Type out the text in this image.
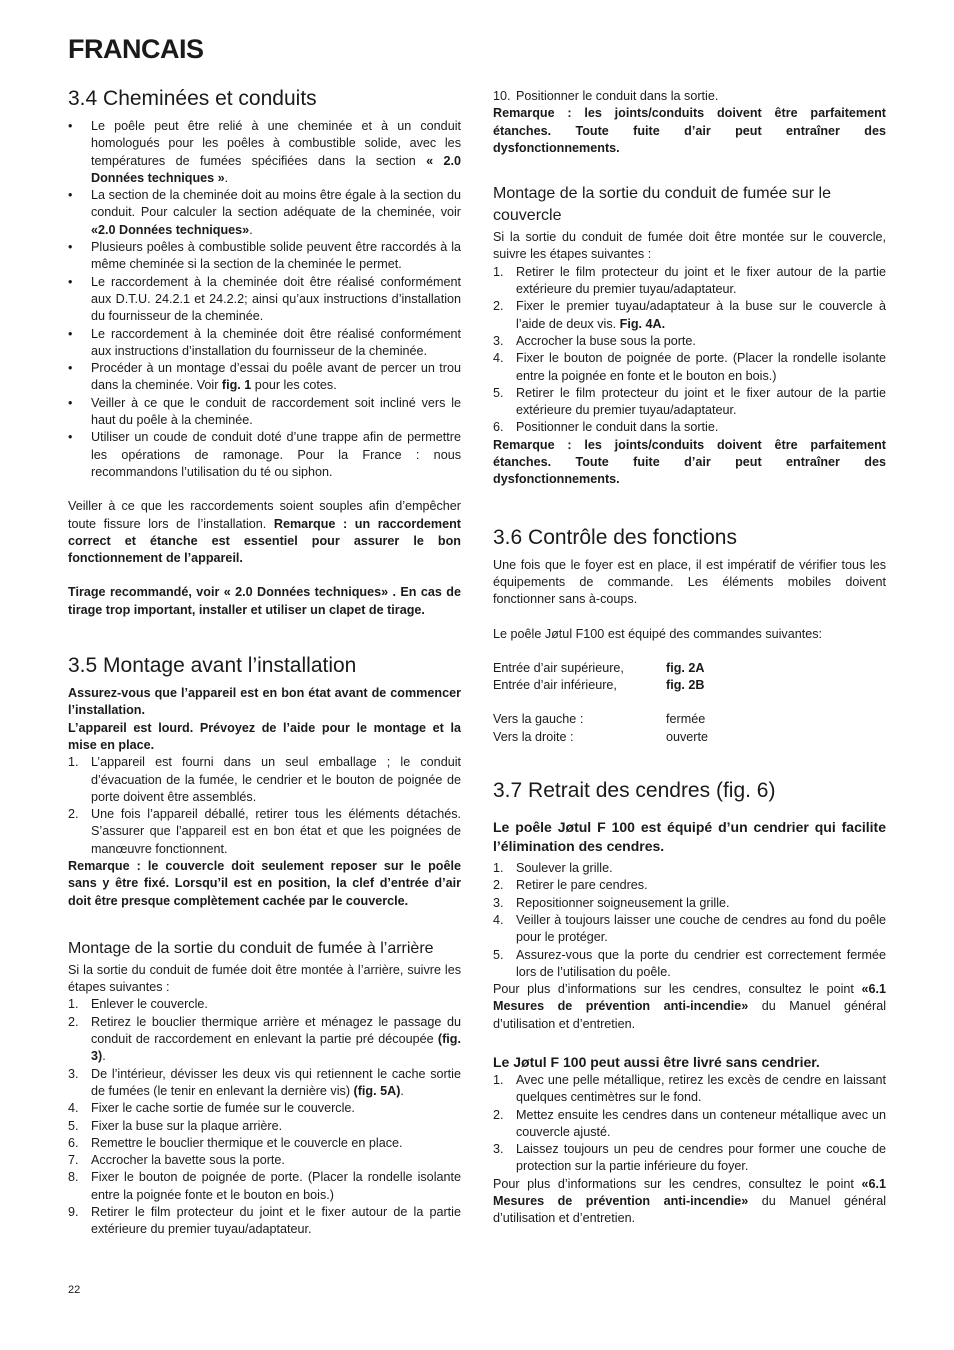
FRANCAIS
3.4 Cheminées et conduits
• Le poêle peut être relié à une cheminée et à un conduit homologués pour les poêles à combustible solide, avec les températures de fumées spécifiées dans la section « 2.0 Données techniques ».
• La section de la cheminée doit au moins être égale à la section du conduit. Pour calculer la section adéquate de la cheminée, voir «2.0 Données techniques».
• Plusieurs poêles à combustible solide peuvent être raccordés à la même cheminée si la section de la cheminée le permet.
• Le raccordement à la cheminée doit être réalisé conformément aux D.T.U. 24.2.1 et 24.2.2; ainsi qu’aux instructions d’installation du fournisseur de la cheminée.
• Le raccordement à la cheminée doit être réalisé conformément aux instructions d’installation du fournisseur de la cheminée.
• Procéder à un montage d’essai du poêle avant de percer un trou dans la cheminée. Voir fig. 1 pour les cotes.
• Veiller à ce que le conduit de raccordement soit incliné vers le haut du poêle à la cheminée.
• Utiliser un coude de conduit doté d’une trappe afin de permettre les opérations de ramonage. Pour la France : nous recommandons l’utilisation du té ou siphon.

Veiller à ce que les raccordements soient souples afin d’empêcher toute fissure lors de l’installation. Remarque : un raccordement correct et étanche est essentiel pour assurer le bon fonctionnement de l’appareil.

Tirage recommandé, voir « 2.0 Données techniques» . En cas de tirage trop important, installer et utiliser un clapet de tirage.

3.5 Montage avant l’installation

Assurez-vous que l’appareil est en bon état avant de commencer l’installation.

L’appareil est lourd. Prévoyez de l’aide pour le montage et la mise en place.

1. L’appareil est fourni dans un seul emballage ; le conduit d’évacuation de la fumée, le cendrier et le bouton de poignée de porte doivent être assemblés.
2. Une fois l’appareil déballé, retirer tous les éléments détachés. S’assurer que l’appareil est en bon état et que les poignées de manœuvre fonctionnent.

Remarque : le couvercle doit seulement reposer sur le poêle sans y être fixé. Lorsqu’il est en position, la clef d’entrée d’air doit être presque complètement cachée par le couvercle.

Montage de la sortie du conduit de fumée à l’arrière

Si la sortie du conduit de fumée doit être montée à l’arrière, suivre les étapes suivantes :

1. Enlever le couvercle.
2. Retirez le bouclier thermique arrière et ménagez le passage du conduit de raccordement en enlevant la partie pré découpée (fig. 3).
3. De l’intérieur, dévisser les deux vis qui retiennent le cache sortie de fumées (le tenir en enlevant la dernière vis) (fig. 5A).
4. Fixer le cache sortie de fumée sur le couvercle.
5. Fixer la buse sur la plaque arrière.
6. Remettre le bouclier thermique et le couvercle en place.
7. Accrocher la bavette sous la porte.
8. Fixer le bouton de poignée de porte. (Placer la rondelle isolante entre la poignée fonte et le bouton en bois.)
9. Retirer le film protecteur du joint et le fixer autour de la partie extérieure du premier tuyau/adaptateur.
10. Positionner le conduit dans la sortie.

Remarque : les joints/conduits doivent être parfaitement étanches. Toute fuite d’air peut entraîner des dysfonctionnements.

Montage de la sortie du conduit de fumée sur le couvercle

Si la sortie du conduit de fumée doit être montée sur le couvercle, suivre les étapes suivantes :

1. Retirer le film protecteur du joint et le fixer autour de la partie extérieure du premier tuyau/adaptateur.
2. Fixer le premier tuyau/adaptateur à la buse sur le couvercle à l’aide de deux vis. Fig. 4A.
3. Accrocher la buse sous la porte.
4. Fixer le bouton de poignée de porte. (Placer la rondelle isolante entre la poignée en fonte et le bouton en bois.)
5. Retirer le film protecteur du joint et le fixer autour de la partie extérieure du premier tuyau/adaptateur.
6. Positionner le conduit dans la sortie.

Remarque : les joints/conduits doivent être parfaitement étanches. Toute fuite d’air peut entraîner des dysfonctionnements.

3.6 Contrôle des fonctions

Une fois que le foyer est en place, il est impératif de vérifier tous les équipements de commande. Les éléments mobiles doivent fonctionner sans à-coups.

Le poêle Jøtul F100 est équipé des commandes suivantes:

Entrée d’air supérieure,	fig. 2A
Entrée d’air inférieure,	fig. 2B
Vers la gauche :	fermée
Vers la droite :	ouverte
3.7 Retrait des cendres (fig. 6)

Le poêle Jøtul F 100 est équipé d’un cendrier qui facilite l’élimination des cendres.

1. Soulever la grille.
2. Retirer le pare cendres.
3. Repositionner soigneusement la grille.
4. Veiller à toujours laisser une couche de cendres au fond du poêle pour le protéger.
5. Assurez-vous que la porte du cendrier est correctement fermée lors de l’utilisation du poêle.

Pour plus d’informations sur les cendres, consultez le point «6.1 Mesures de prévention anti-incendie» du Manuel général d’utilisation et d’entretien.

Le Jøtul F 100 peut aussi être livré sans cendrier.

1. Avec une pelle métallique, retirez les excès de cendre en laissant quelques centimètres sur le fond.
2. Mettez ensuite les cendres dans un conteneur métallique avec un couvercle ajusté.
3. Laissez toujours un peu de cendres pour former une couche de protection sur la partie inférieure du foyer.

Pour plus d’informations sur les cendres, consultez le point «6.1 Mesures de prévention anti-incendie» du Manuel général d’utilisation et d’entretien.

22
